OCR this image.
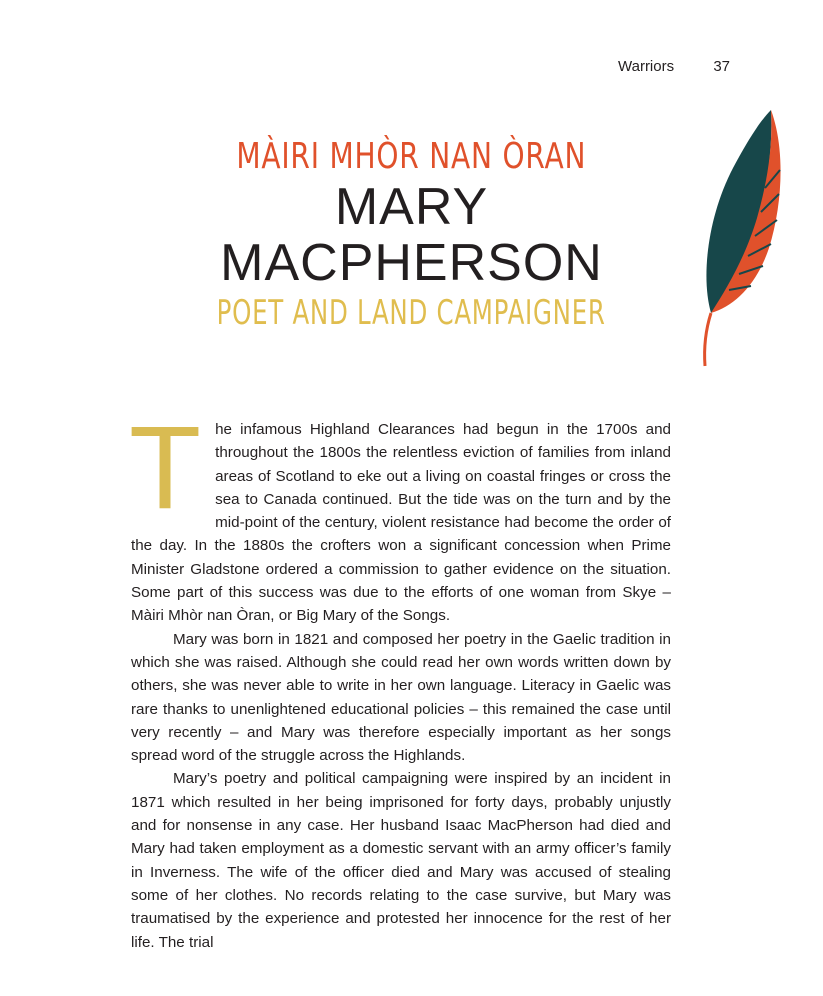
Warriors	37
MÀIRI MHÒR NAN ÒRAN
MARY
MACPHERSON
POET AND LAND CAMPAIGNER

The infamous Highland Clearances had begun in the 1700s and throughout the 1800s the relentless eviction of families from inland areas of Scotland to eke out a living on coastal fringes or cross the sea to Canada continued. But the tide was on the turn and by the mid-point of the century, violent resistance had become the order of the day. In the 1880s the crofters won a significant concession when Prime Minister Gladstone ordered a commission to gather evidence on the situation. Some part of this success was due to the efforts of one woman from Skye – Màiri Mhòr nan Òran, or Big Mary of the Songs.

Mary was born in 1821 and composed her poetry in the Gaelic tradition in which she was raised. Although she could read her own words written down by others, she was never able to write in her own language. Literacy in Gaelic was rare thanks to unenlightened educational policies – this remained the case until very recently – and Mary was therefore especially important as her songs spread word of the struggle across the Highlands.

Mary’s poetry and political campaigning were inspired by an incident in 1871 which resulted in her being imprisoned for forty days, probably unjustly and for nonsense in any case. Her husband Isaac MacPherson had died and Mary had taken employment as a domestic servant with an army officer’s family in Inverness. The wife of the officer died and Mary was accused of stealing some of her clothes. No records relating to the case survive, but Mary was traumatised by the experience and protested her innocence for the rest of her life. The trial
